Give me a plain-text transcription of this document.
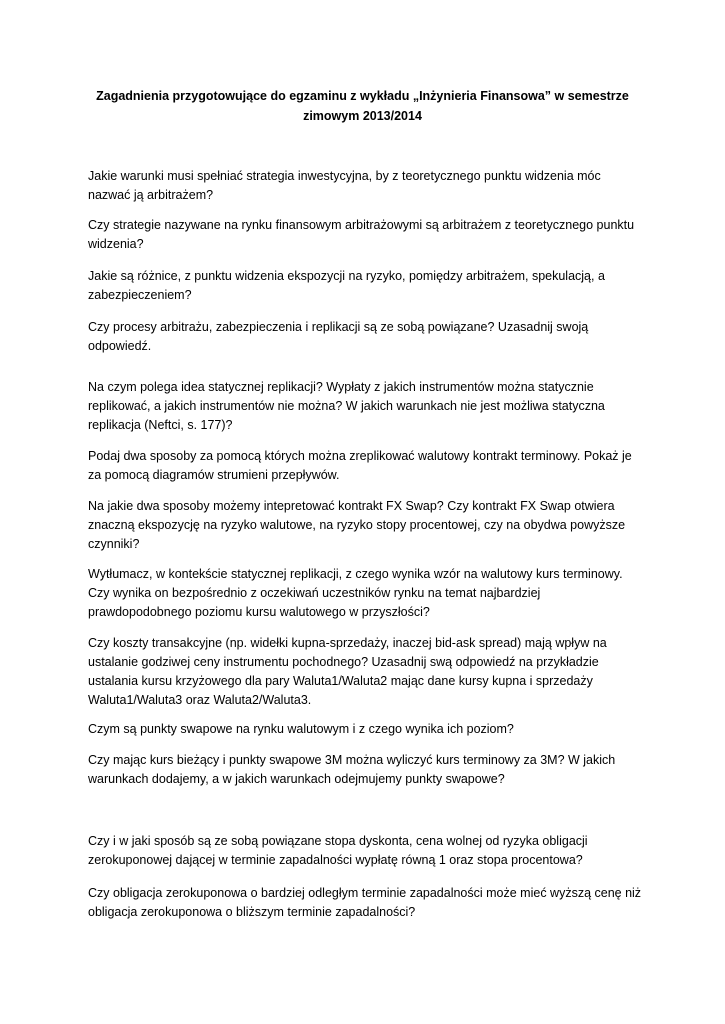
Zagadnienia przygotowujące do egzaminu z wykładu „Inżynieria Finansowa” w semestrze zimowym 2013/2014

Jakie warunki musi spełniać strategia inwestycyjna, by z teoretycznego punktu widzenia móc nazwać ją arbitrażem?

Czy strategie nazywane na rynku finansowym arbitrażowymi są arbitrażem z teoretycznego punktu widzenia?

Jakie są różnice, z punktu widzenia ekspozycji na ryzyko, pomiędzy arbitrażem, spekulacją, a zabezpieczeniem?

Czy procesy arbitrażu, zabezpieczenia i replikacji są ze sobą powiązane? Uzasadnij swoją odpowiedź.

Na czym polega idea statycznej replikacji? Wypłaty z jakich instrumentów można statycznie replikować, a jakich instrumentów nie można? W jakich warunkach nie jest możliwa statyczna replikacja (Neftci, s. 177)?

Podaj dwa sposoby za pomocą których można zreplikować walutowy kontrakt terminowy. Pokaż je za pomocą diagramów strumieni przepływów.

Na jakie dwa sposoby możemy intepretować kontrakt FX Swap? Czy kontrakt FX Swap otwiera znaczną ekspozycję na ryzyko walutowe, na ryzyko stopy procentowej, czy na obydwa powyższe czynniki?

Wytłumacz, w kontekście statycznej replikacji, z czego wynika wzór na walutowy kurs terminowy. Czy wynika on bezpośrednio z oczekiwań uczestników rynku na temat najbardziej prawdopodobnego poziomu kursu walutowego w przyszłości?

Czy koszty transakcyjne (np. widełki kupna-sprzedaży, inaczej bid-ask spread) mają wpływ na ustalanie godziwej ceny instrumentu pochodnego? Uzasadnij swą odpowiedź na przykładzie ustalania kursu krzyżowego dla pary Waluta1/Waluta2 mając dane kursy kupna i sprzedaży Waluta1/Waluta3 oraz Waluta2/Waluta3.

Czym są punkty swapowe na rynku walutowym i z czego wynika ich poziom?

Czy mając kurs bieżący i punkty swapowe 3M można wyliczyć kurs terminowy za 3M? W jakich warunkach dodajemy, a w jakich warunkach odejmujemy punkty swapowe?

Czy i w jaki sposób są ze sobą powiązane stopa dyskonta, cena wolnej od ryzyka obligacji zerokuponowej dającej w terminie zapadalności wypłatę równą 1 oraz stopa procentowa?

Czy obligacja zerokuponowa o bardziej odległym terminie zapadalności może mieć wyższą cenę niż obligacja zerokuponowa o bliższym terminie zapadalności?
